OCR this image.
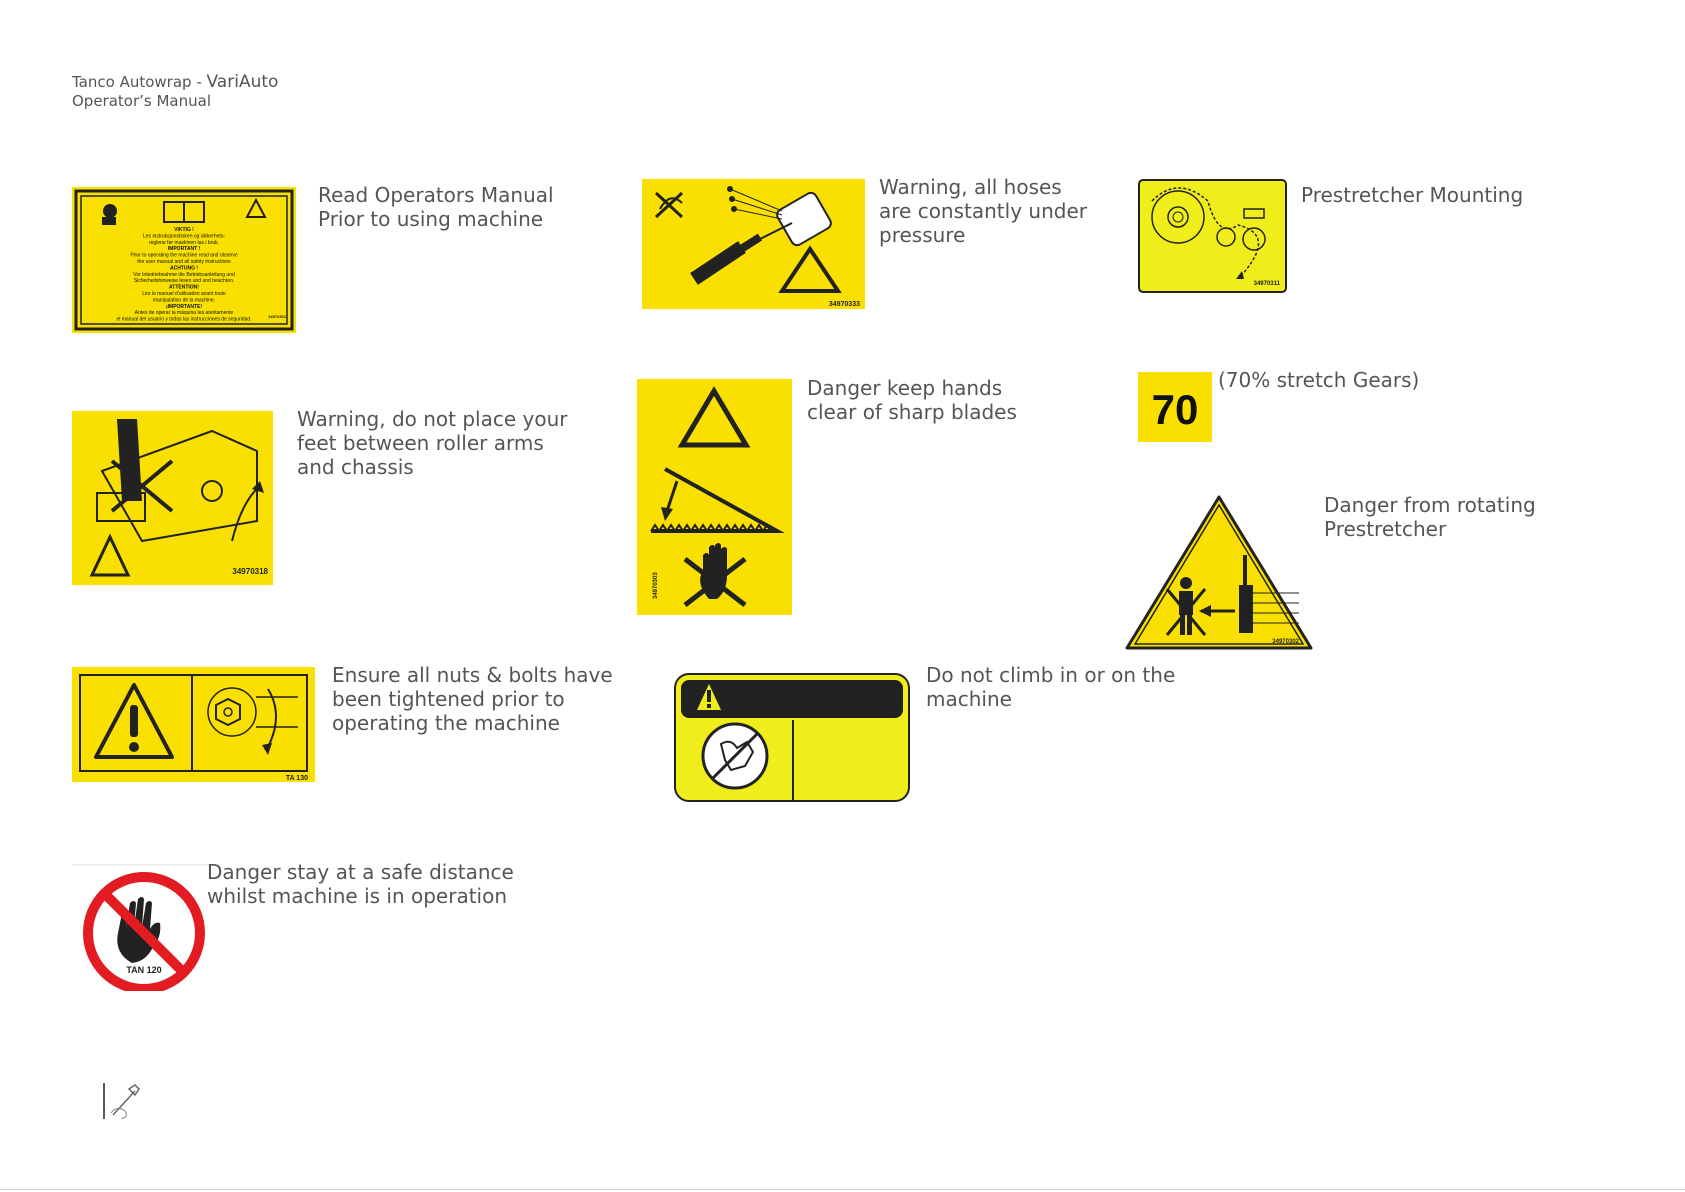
Tanco Autowrap - VariAuto
Operator’s Manual
VIKTIG !
Les instruksjonsboken og sikkerhets-
reglene før maskinen tas i bruk.
IMPORTANT !
Prior to operating the machine read and observe
the user manual and all safety instructions
ACHTUNG !
Vor Inbetriebnahme die Betriebsanleitung und
Sicherheitshinweise lesen und und beachten.
ATTENTION!
Lire le manuel d'utilisation avant toute
manipulation de la machine.
¡IMPORTANTE!
Antes de operar la máquina lea atentamente
el manual del usuario y todas las instrucciones de seguridad.
34970301
Read Operators Manual
Prior to using machine
34970333
Warning, all hoses
are constantly under
pressure
34970311
Prestretcher Mounting
70
(70% stretch Gears)
34970318
Warning, do not place your
feet between roller arms
and chassis
34970303
Danger keep hands
clear of sharp blades
34970302
Danger from rotating
Prestretcher
TA 130
Ensure all nuts & bolts have
been tightened prior to
operating the machine
Do not climb in or on the
machine
TAN 120
Danger stay at a safe distance
whilst machine is in operation
